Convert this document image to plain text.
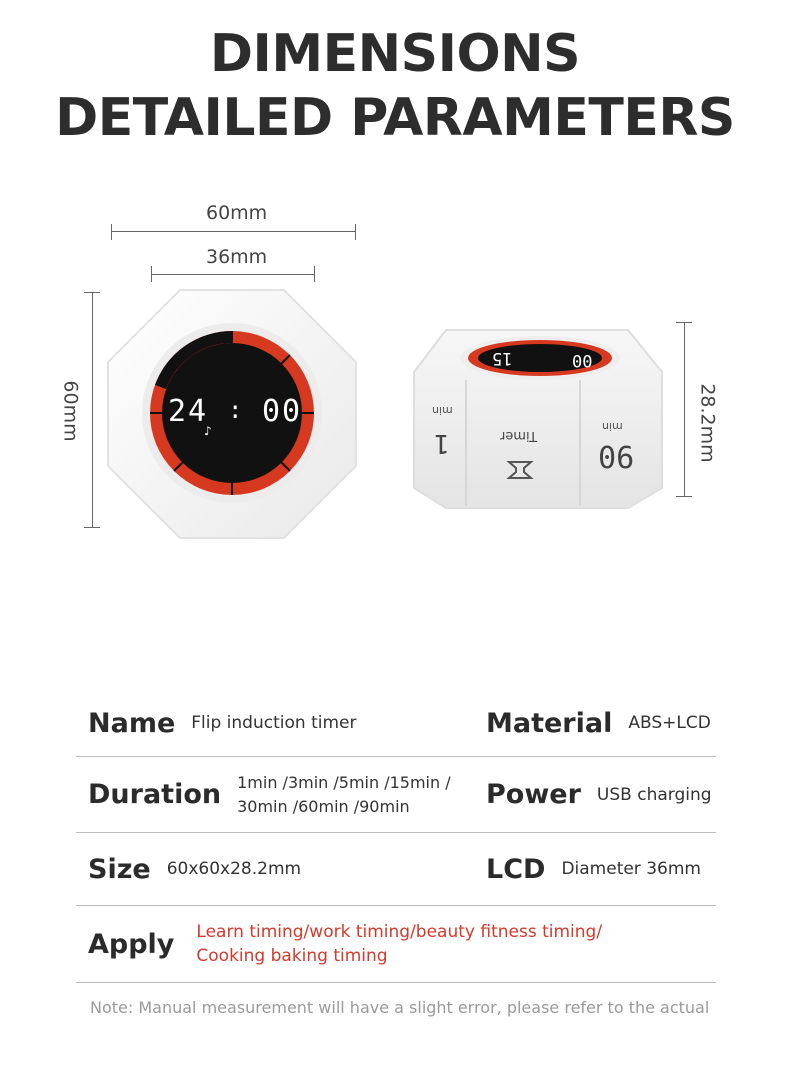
DIMENSIONS
DETAILED PARAMETERS
60mm
36mm
60mm	28.2mm
24 : 00
♪
15	00
1
min
Timer
90
min
Name Flip induction timer	Material ABS+LCD
Duration 1min /3min /5min /15min /
30min /60min /90min	Power USB charging
Size 60x60x28.2mm	LCD Diameter 36mm
Apply Learn timing/work timing/beauty fitness timing/
Cooking baking timing
Note: Manual measurement will have a slight error, please refer to the actual
